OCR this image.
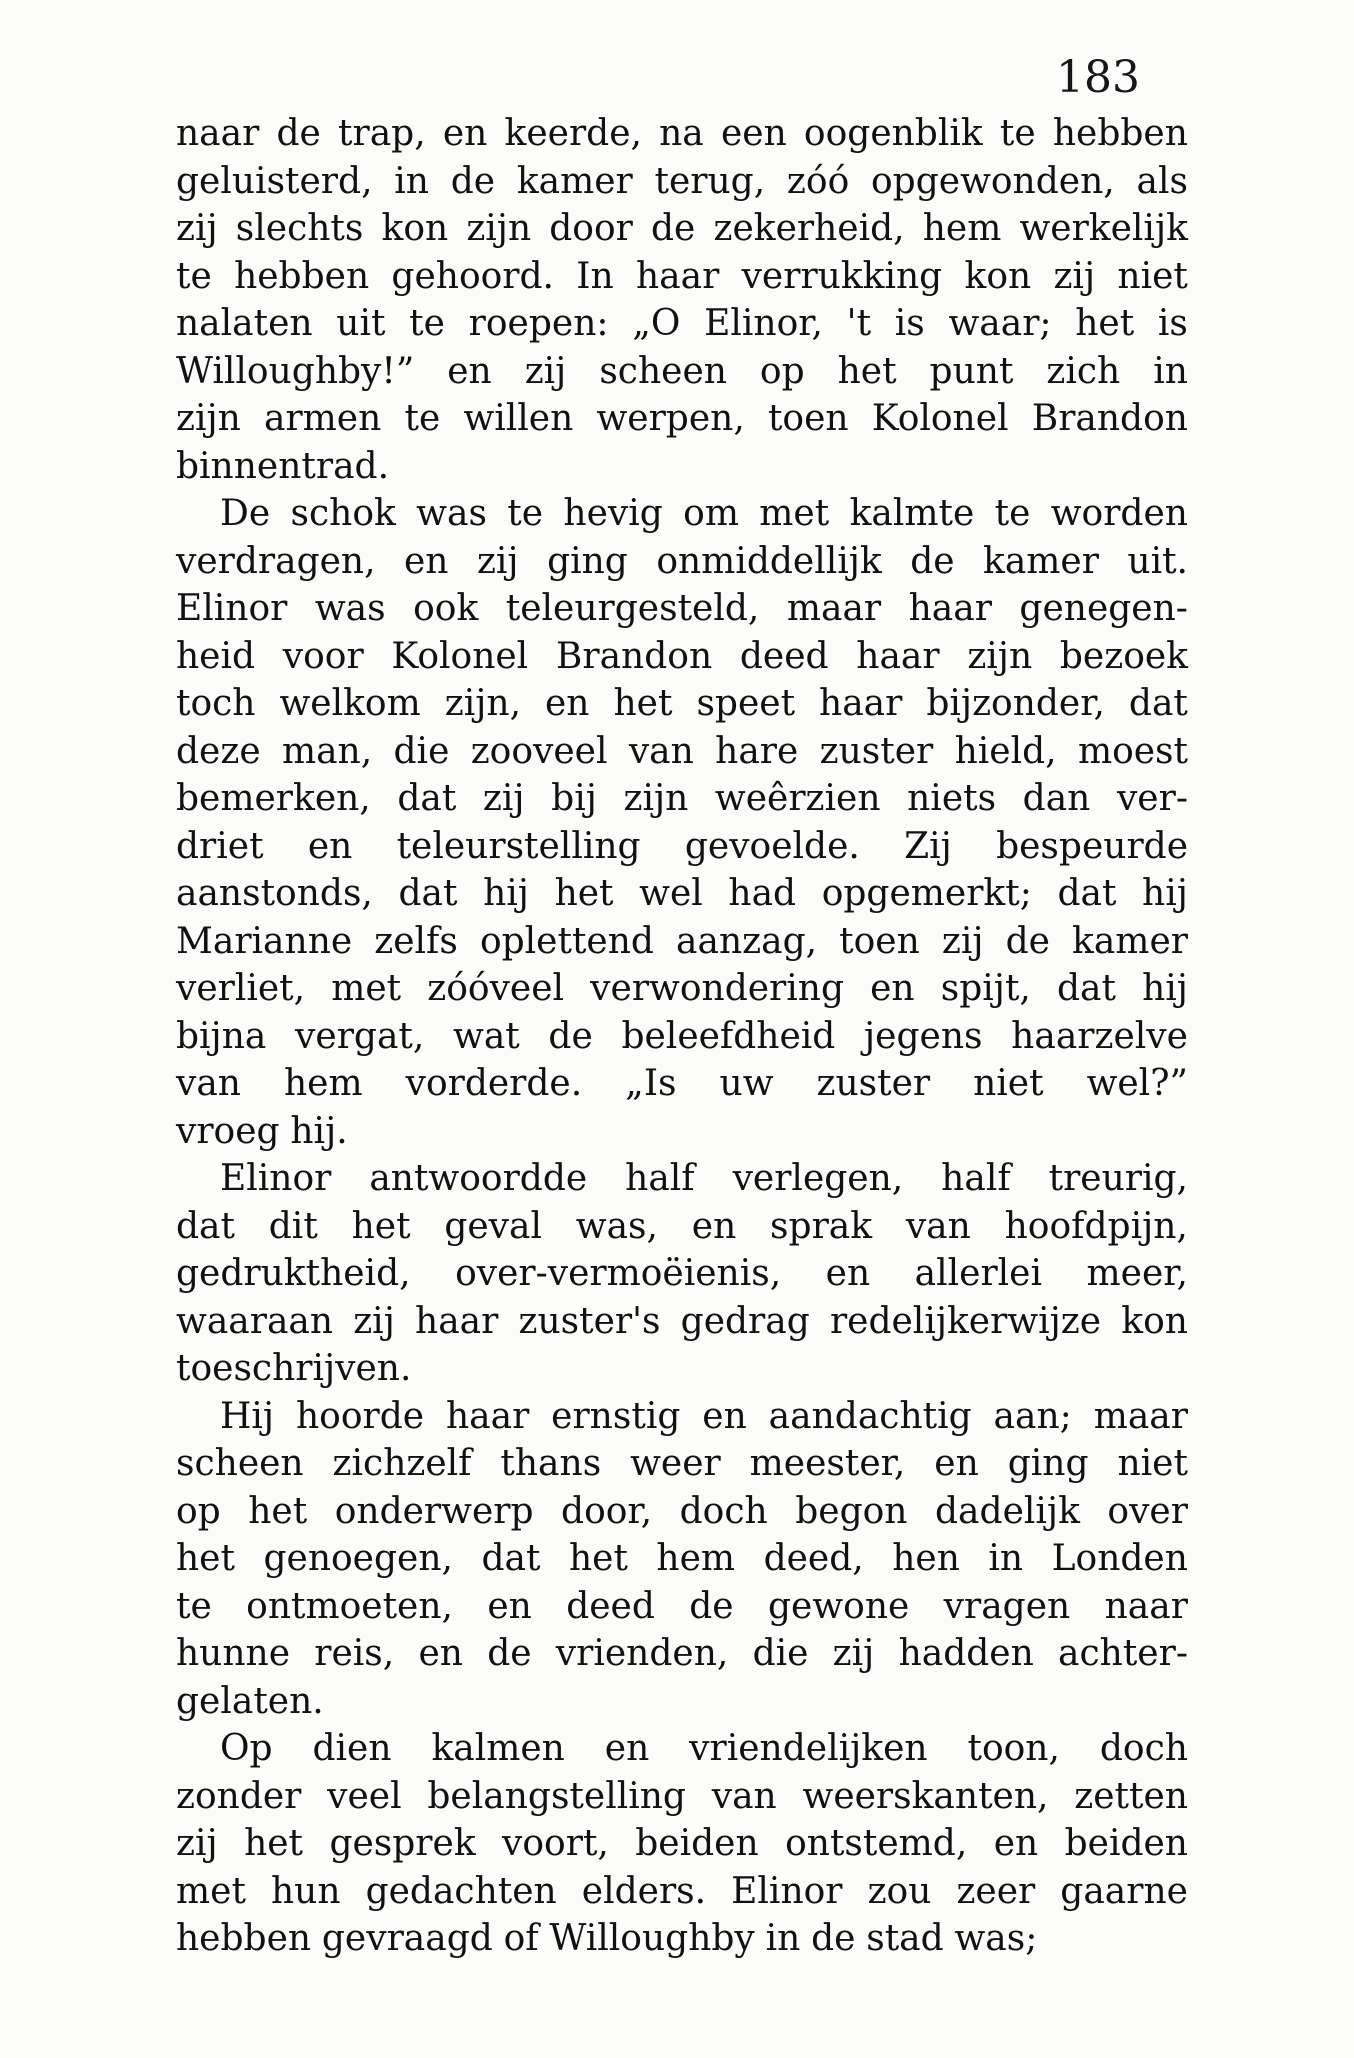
183
naar de trap, en keerde, na een oogenblik te hebben
geluisterd, in de kamer terug, zóó opgewonden, als
zij slechts kon zijn door de zekerheid, hem werkelijk
te hebben gehoord. In haar verrukking kon zij niet
nalaten uit te roepen: „O Elinor, 't is waar; het is
Willoughby!” en zij scheen op het punt zich in
zijn armen te willen werpen, toen Kolonel Brandon
binnentrad.
De schok was te hevig om met kalmte te worden
verdragen, en zij ging onmiddellijk de kamer uit.
Elinor was ook teleurgesteld, maar haar genegen-
heid voor Kolonel Brandon deed haar zijn bezoek
toch welkom zijn, en het speet haar bijzonder, dat
deze man, die zooveel van hare zuster hield, moest
bemerken, dat zij bij zijn weêrzien niets dan ver-
driet en teleurstelling gevoelde. Zij bespeurde
aanstonds, dat hij het wel had opgemerkt; dat hij
Marianne zelfs oplettend aanzag, toen zij de kamer
verliet, met zóóveel verwondering en spijt, dat hij
bijna vergat, wat de beleefdheid jegens haarzelve
van hem vorderde. „Is uw zuster niet wel?”
vroeg hij.
Elinor antwoordde half verlegen, half treurig,
dat dit het geval was, en sprak van hoofdpijn,
gedruktheid, over-vermoëienis, en allerlei meer,
waaraan zij haar zuster's gedrag redelijkerwijze kon
toeschrijven.
Hij hoorde haar ernstig en aandachtig aan; maar
scheen zichzelf thans weer meester, en ging niet
op het onderwerp door, doch begon dadelijk over
het genoegen, dat het hem deed, hen in Londen
te ontmoeten, en deed de gewone vragen naar
hunne reis, en de vrienden, die zij hadden achter-
gelaten.
Op dien kalmen en vriendelijken toon, doch
zonder veel belangstelling van weerskanten, zetten
zij het gesprek voort, beiden ontstemd, en beiden
met hun gedachten elders. Elinor zou zeer gaarne
hebben gevraagd of Willoughby in de stad was;
